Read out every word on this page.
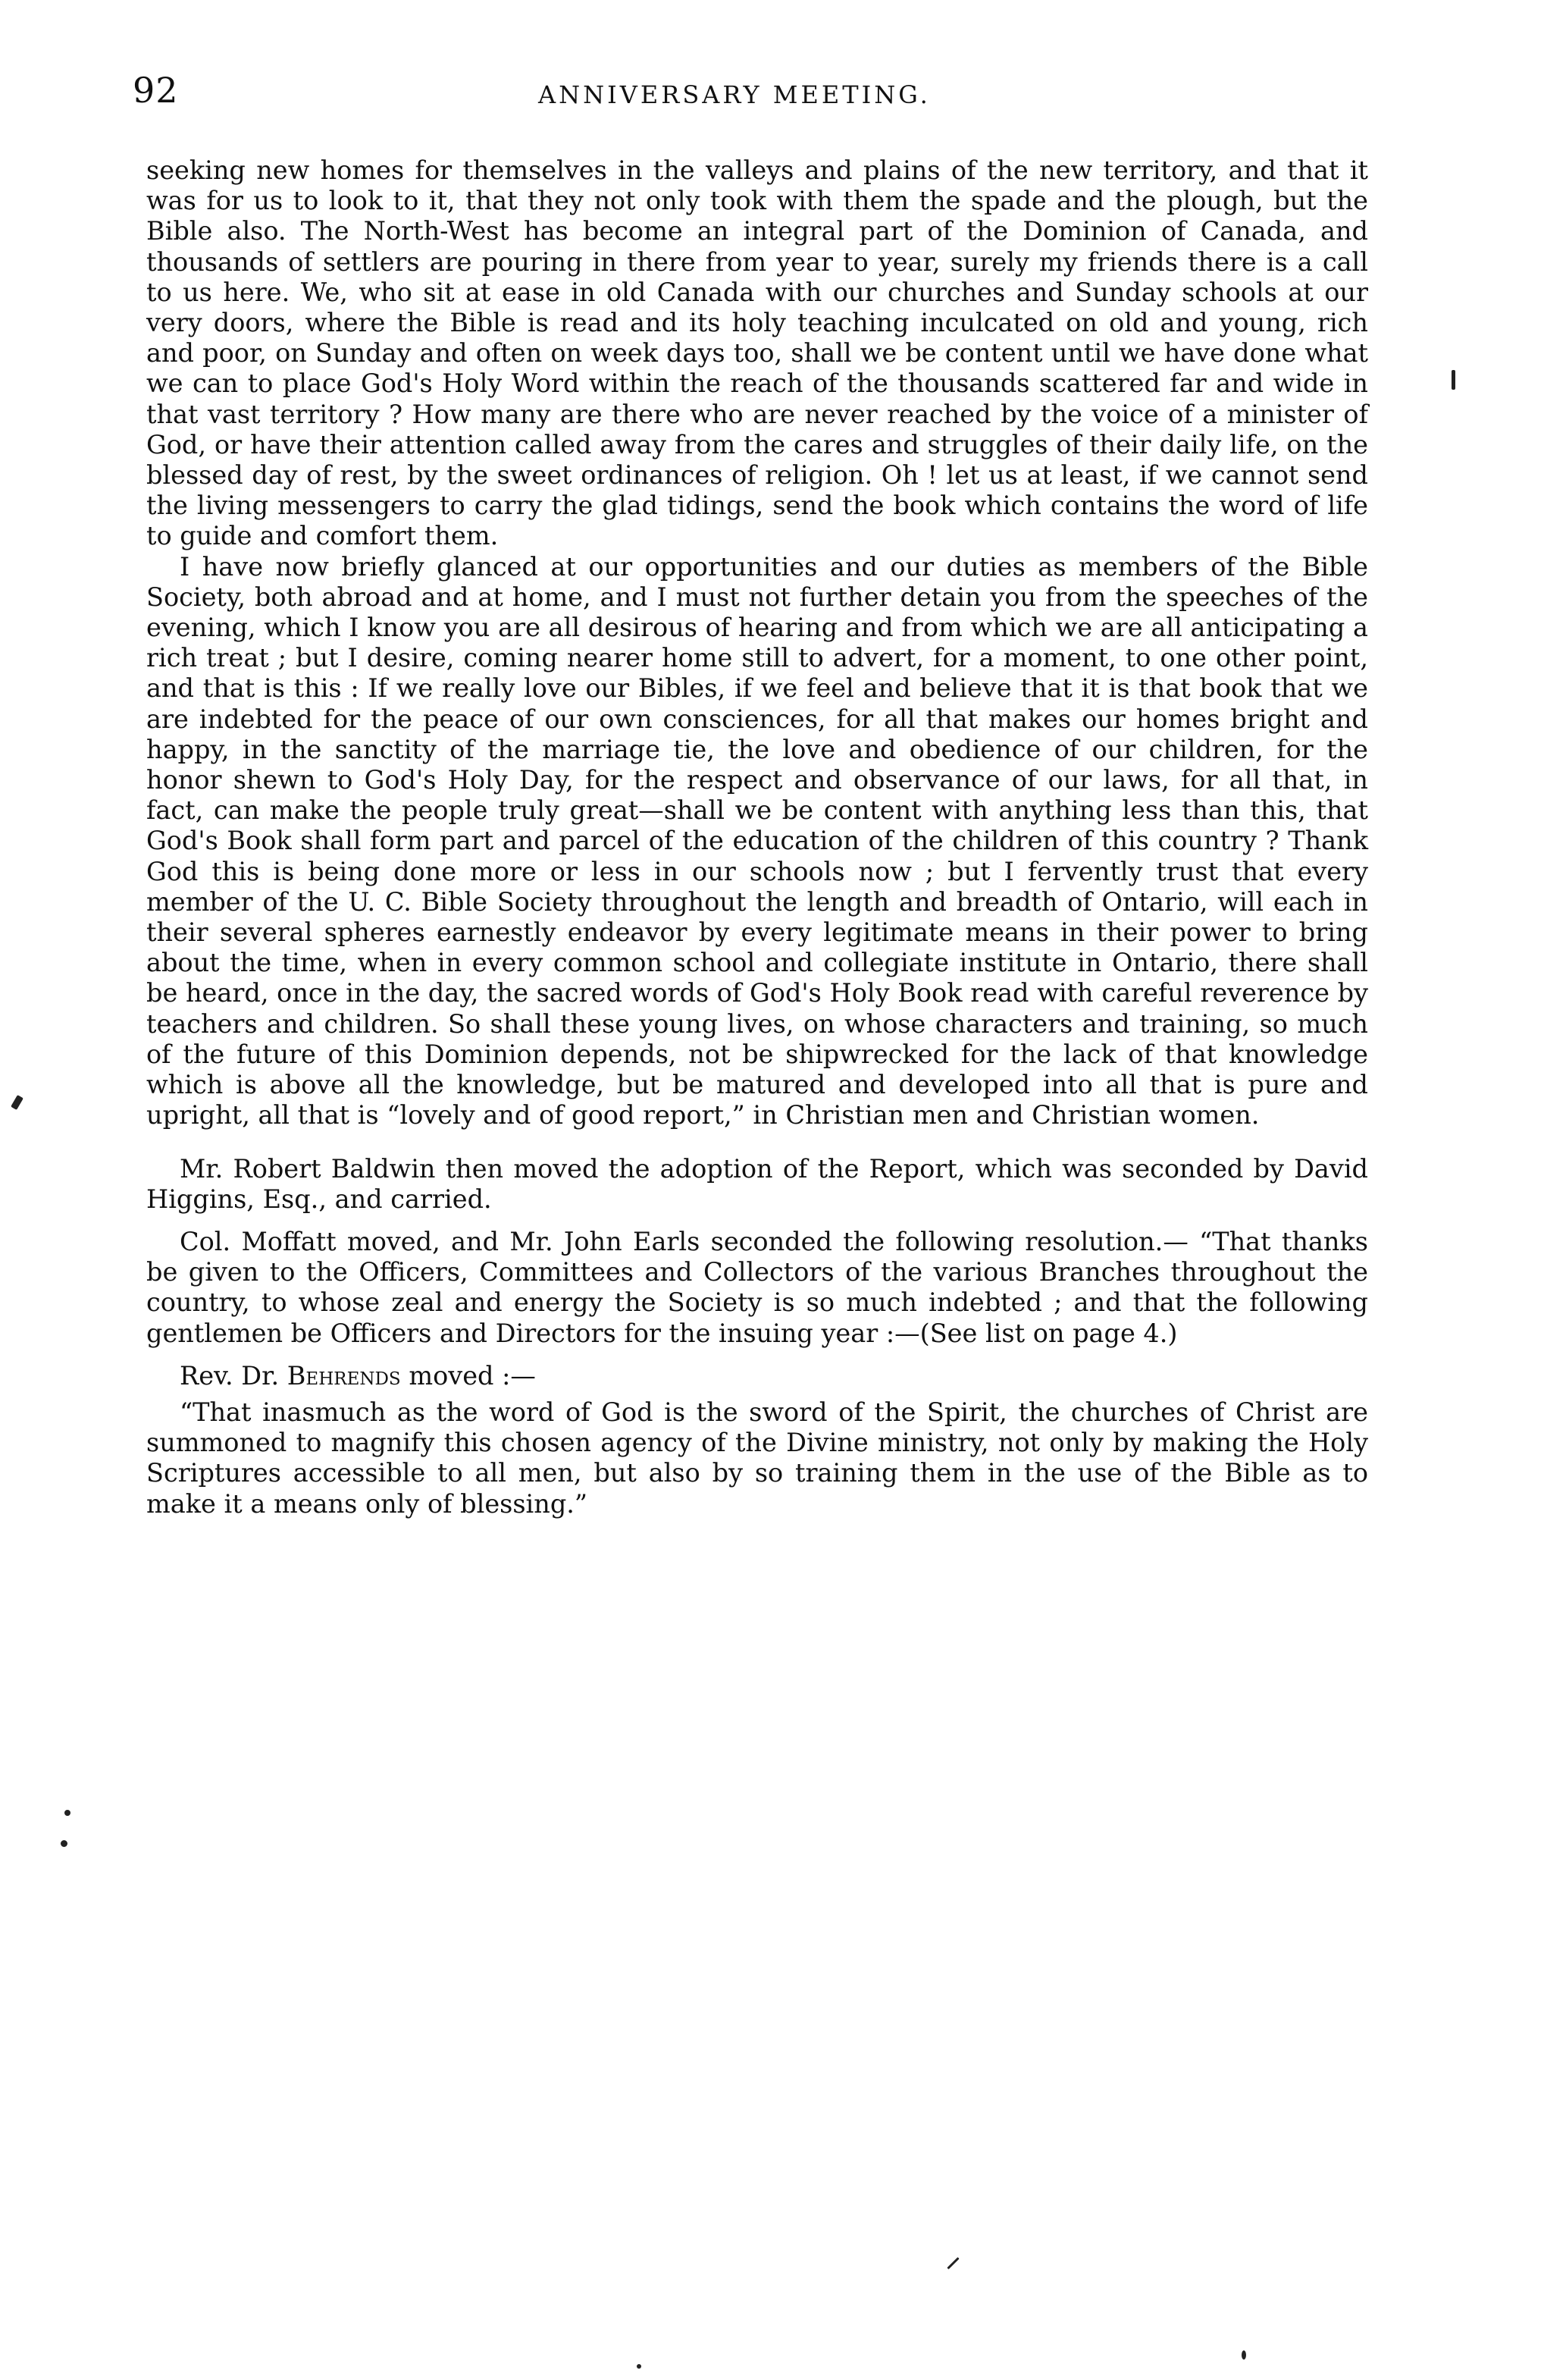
92	ANNIVERSARY MEETING.

seeking new homes for themselves in the valleys and plains of the new territory, and that it was for us to look to it, that they not only took with them the spade and the plough, but the Bible also. The North-West has become an integral part of the Dominion of Canada, and thousands of settlers are pouring in there from year to year, surely my friends there is a call to us here. We, who sit at ease in old Canada with our churches and Sunday schools at our very doors, where the Bible is read and its holy teaching inculcated on old and young, rich and poor, on Sunday and often on week days too, shall we be content until we have done what we can to place God's Holy Word within the reach of the thousands scattered far and wide in that vast territory ? How many are there who are never reached by the voice of a minister of God, or have their attention called away from the cares and struggles of their daily life, on the blessed day of rest, by the sweet ordinances of religion. Oh ! let us at least, if we cannot send the living messengers to carry the glad tidings, send the book which contains the word of life to guide and comfort them.

I have now briefly glanced at our opportunities and our duties as members of the Bible Society, both abroad and at home, and I must not further detain you from the speeches of the evening, which I know you are all desirous of hearing and from which we are all anticipating a rich treat ; but I desire, coming nearer home still to advert, for a moment, to one other point, and that is this : If we really love our Bibles, if we feel and believe that it is that book that we are indebted for the peace of our own consciences, for all that makes our homes bright and happy, in the sanctity of the marriage tie, the love and obedience of our children, for the honor shewn to God's Holy Day, for the respect and observance of our laws, for all that, in fact, can make the people truly great—shall we be content with anything less than this, that God's Book shall form part and parcel of the education of the children of this country ? Thank God this is being done more or less in our schools now ; but I fervently trust that every member of the U. C. Bible Society throughout the length and breadth of Ontario, will each in their several spheres earnestly endeavor by every legitimate means in their power to bring about the time, when in every common school and collegiate institute in Ontario, there shall be heard, once in the day, the sacred words of God's Holy Book read with careful reverence by teachers and children. So shall these young lives, on whose characters and training, so much of the future of this Dominion depends, not be shipwrecked for the lack of that knowledge which is above all the knowledge, but be matured and developed into all that is pure and upright, all that is “lovely and of good report,” in Christian men and Christian women.

Mr. Robert Baldwin then moved the adoption of the Report, which was seconded by David Higgins, Esq., and carried.

Col. Moffatt moved, and Mr. John Earls seconded the following resolution.— “That thanks be given to the Officers, Committees and Collectors of the various Branches throughout the country, to whose zeal and energy the Society is so much indebted ; and that the following gentlemen be Officers and Directors for the insuing year :—(See list on page 4.)

Rev. Dr. Behrends moved :—

“That inasmuch as the word of God is the sword of the Spirit, the churches of Christ are summoned to magnify this chosen agency of the Divine ministry, not only by making the Holy Scriptures accessible to all men, but also by so training them in the use of the Bible as to make it a means only of blessing.”
